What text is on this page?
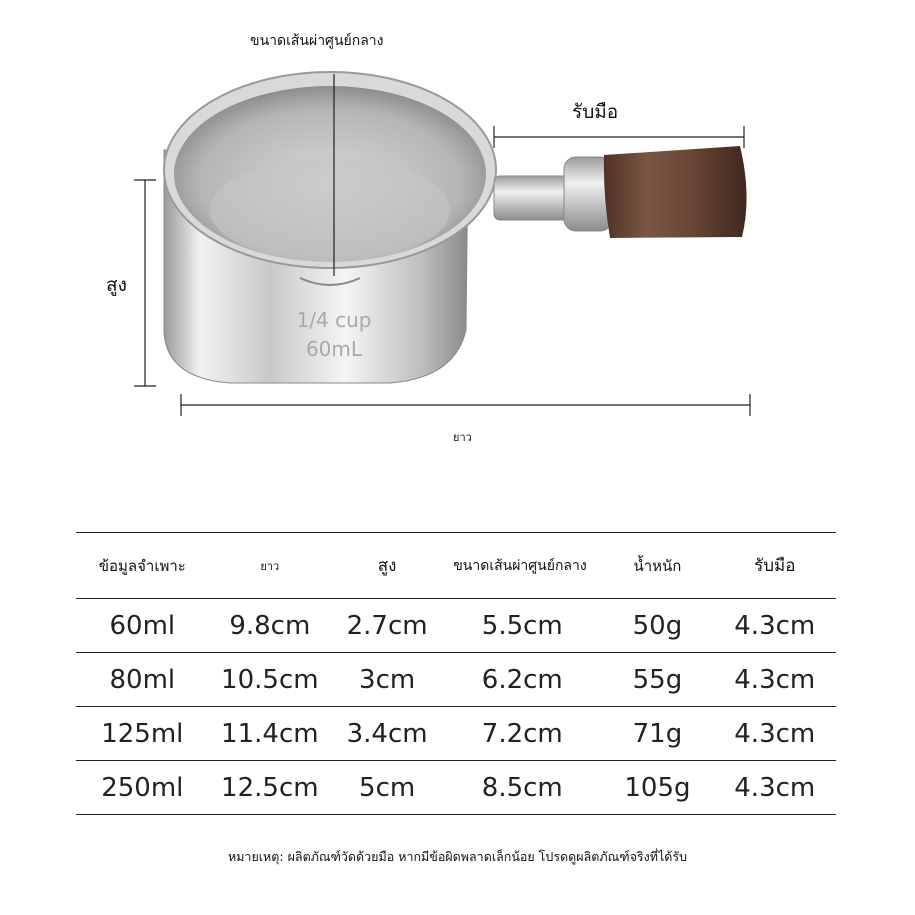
1/4 cup
60mL
ขนาดเส้นผ่าศูนย์กลาง
รับมือ
สูง
ยาว
ข้อมูลจำเพาะ	ยาว	สูง	ขนาดเส้นผ่าศูนย์กลาง	น้ำหนัก	รับมือ
60ml	9.8cm	2.7cm	5.5cm	50g	4.3cm
80ml	10.5cm	3cm	6.2cm	55g	4.3cm
125ml	11.4cm	3.4cm	7.2cm	71g	4.3cm
250ml	12.5cm	5cm	8.5cm	105g	4.3cm
หมายเหตุ: ผลิตภัณฑ์วัดด้วยมือ หากมีข้อผิดพลาดเล็กน้อย โปรดดูผลิตภัณฑ์จริงที่ได้รับ
